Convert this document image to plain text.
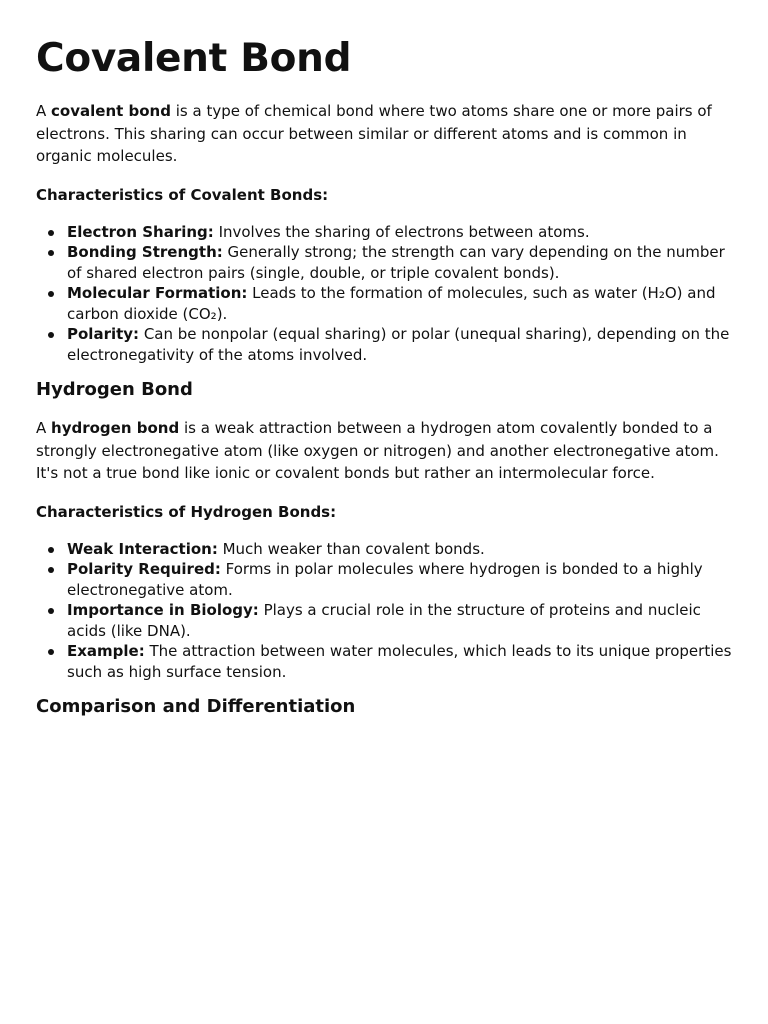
Covalent Bond

A covalent bond is a type of chemical bond where two atoms share one or more pairs of electrons. This sharing can occur between similar or different atoms and is common in organic molecules.

Characteristics of Covalent Bonds:
Electron Sharing: Involves the sharing of electrons between atoms.
Bonding Strength: Generally strong; the strength can vary depending on the number of shared electron pairs (single, double, or triple covalent bonds).
Molecular Formation: Leads to the formation of molecules, such as water (H₂O) and carbon dioxide (CO₂).
Polarity: Can be nonpolar (equal sharing) or polar (unequal sharing), depending on the electronegativity of the atoms involved.
Hydrogen Bond

A hydrogen bond is a weak attraction between a hydrogen atom covalently bonded to a strongly electronegative atom (like oxygen or nitrogen) and another electronegative atom. It's not a true bond like ionic or covalent bonds but rather an intermolecular force.

Characteristics of Hydrogen Bonds:
Weak Interaction: Much weaker than covalent bonds.
Polarity Required: Forms in polar molecules where hydrogen is bonded to a highly electronegative atom.
Importance in Biology: Plays a crucial role in the structure of proteins and nucleic acids (like DNA).
Example: The attraction between water molecules, which leads to its unique properties such as high surface tension.
Comparison and Differentiation
